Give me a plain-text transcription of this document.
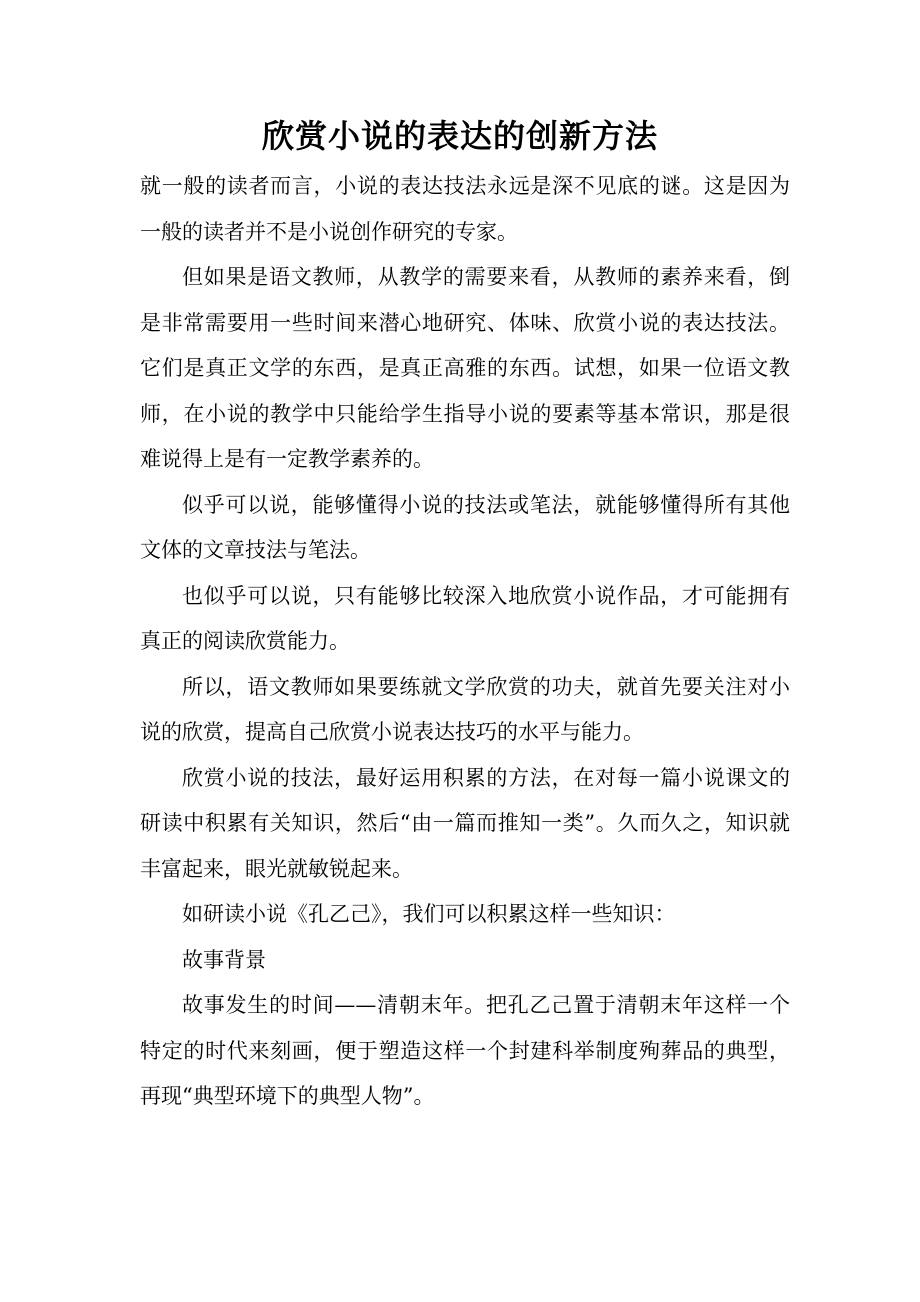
欣赏小说的表达的创新方法

就一般的读者而言，小说的表达技法永远是深不见底的谜。这是因为一般的读者并不是小说创作研究的专家。

但如果是语文教师，从教学的需要来看，从教师的素养来看，倒是非常需要用一些时间来潜心地研究、体味、欣赏小说的表达技法。它们是真正文学的东西，是真正高雅的东西。试想，如果一位语文教师，在小说的教学中只能给学生指导小说的要素等基本常识，那是很难说得上是有一定教学素养的。

似乎可以说，能够懂得小说的技法或笔法，就能够懂得所有其他文体的文章技法与笔法。

也似乎可以说，只有能够比较深入地欣赏小说作品，才可能拥有真正的阅读欣赏能力。

所以，语文教师如果要练就文学欣赏的功夫，就首先要关注对小说的欣赏，提高自己欣赏小说表达技巧的水平与能力。

欣赏小说的技法，最好运用积累的方法，在对每一篇小说课文的研读中积累有关知识，然后“由一篇而推知一类”。久而久之，知识就丰富起来，眼光就敏锐起来。

如研读小说《孔乙己》，我们可以积累这样一些知识：

故事背景

故事发生的时间——清朝末年。把孔乙己置于清朝末年这样一个特定的时代来刻画，便于塑造这样一个封建科举制度殉葬品的典型，再现“典型环境下的典型人物”。
